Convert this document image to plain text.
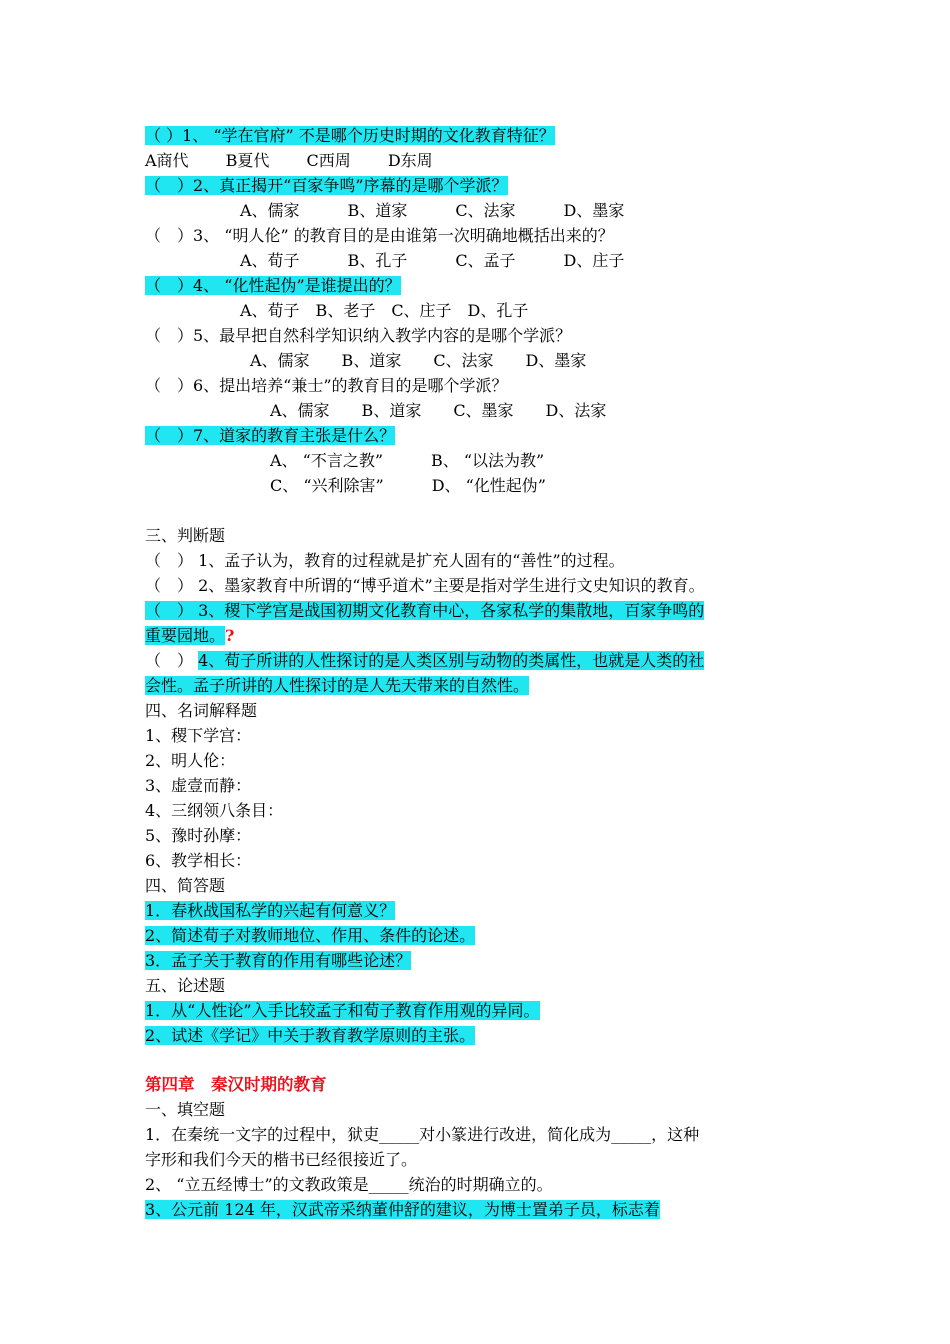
（ ）1、 “学在官府” 不是哪个历史时期的文化教育特征？
A商代　　 B夏代　　 C西周　　 D东周
（　）2、真正揭开“百家争鸣”序幕的是哪个学派？
A、儒家　　　B、道家　　　C、法家　　　D、墨家
（　）3、 “明人伦” 的教育目的是由谁第一次明确地概括出来的？
A、荀子　　　B、孔子　　　C、孟子　　　D、庄子
（　）4、 “化性起伪”是谁提出的？
A、荀子　B、老子　C、庄子　D、孔子
（　）5、最早把自然科学知识纳入教学内容的是哪个学派？
A、儒家　　B、道家　　C、法家　　D、墨家
（　）6、提出培养“兼士”的教育目的是哪个学派？
A、儒家　　B、道家　　C、墨家　　D、法家
（　）7、道家的教育主张是什么？
A、 “不言之教”　　　B、 “以法为教”
C、 “兴利除害”　　　D、 “化性起伪”
三、判断题
（　） 1、孟子认为，教育的过程就是扩充人固有的“善性”的过程。
（　） 2、墨家教育中所谓的“博乎道术”主要是指对学生进行文史知识的教育。
（　） 3、稷下学宫是战国初期文化教育中心，各家私学的集散地，百家争鸣的
重要园地。?
（　） 4、荀子所讲的人性探讨的是人类区别与动物的类属性，也就是人类的社
会性。孟子所讲的人性探讨的是人先天带来的自然性。
四、名词解释题
1、稷下学宫：
2、明人伦：
3、虚壹而静：
4、三纲领八条目：
5、豫时孙摩：
6、教学相长：
四、简答题
1．春秋战国私学的兴起有何意义？
2、简述荀子对教师地位、作用、条件的论述。
3．孟子关于教育的作用有哪些论述？
五、论述题
1．从“人性论”入手比较孟子和荀子教育作用观的异同。
2、试述《学记》中关于教育教学原则的主张。
第四章　秦汉时期的教育
一、填空题
1．在秦统一文字的过程中，狱吏_____对小篆进行改进，简化成为_____，这种
字形和我们今天的楷书已经很接近了。
2、 “立五经博士”的文教政策是_____统治的时期确立的。
3、公元前 124 年，汉武帝采纳董仲舒的建议，为博士置弟子员，标志着
